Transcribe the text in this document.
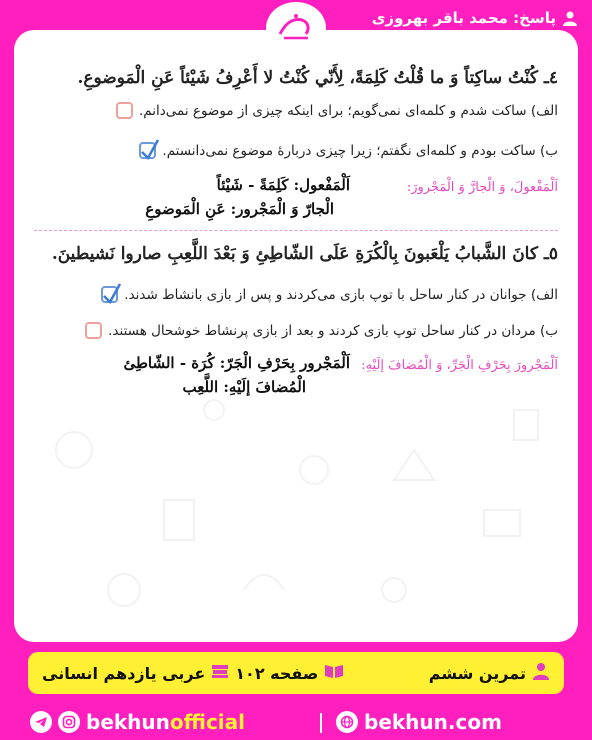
پاسخ: محمد باقر بهروزی
٤ـ کُنْتُ ساکِتاً وَ ما قُلْتُ کَلِمَةً، لِأَنّي کُنْتُ لا أَعْرِفُ شَيْئاً عَنِ الْمَوضوعِ.
الف) ساکت شدم و کلمه‌ای نمی‌گویم؛ برای اینکه چیزی از موضوع نمی‌دانم.
ب) ساکت بودم و کلمه‌ای نگفتم؛ زیرا چیزی دربارهٔ موضوع نمی‌دانستم.
اَلْمَفْعولَ، وَ الْجارَّ وَ الْمَجْرورَ:
اَلْمَفْعول: کَلِمَةً - شَيْئاً
الْجارّ وَ الْمَجْرور: عَنِ الْمَوضوعِ
٥ـ کانَ الشَّبابُ يَلْعَبونَ بِالْكُرَةِ عَلَى الشّاطِئِ وَ بَعْدَ اللَّعِبِ صاروا نَشيطينَ.
الف) جوانان در کنار ساحل با توپ بازی می‌کردند و پس از بازی بانشاط شدند.
ب) مردان در کنار ساحل توپ بازی کردند و بعد از بازی پرنشاط خوشحال هستند.
اَلْمَجْرورَ بِحَرْفِ الْجَرِّ، وَ الْمُضافَ إلَيْهِ:
اَلْمَجْرور بِحَرْفِ الْجَرّ: كُرَة - الشّاطِئ
الْمُضافَ إلَيْهِ: اللَّعِب
تمرین ششم
صفحه ۱۰۲
عربی یازدهم انسانی
bekhunofficial	bekhun.com
